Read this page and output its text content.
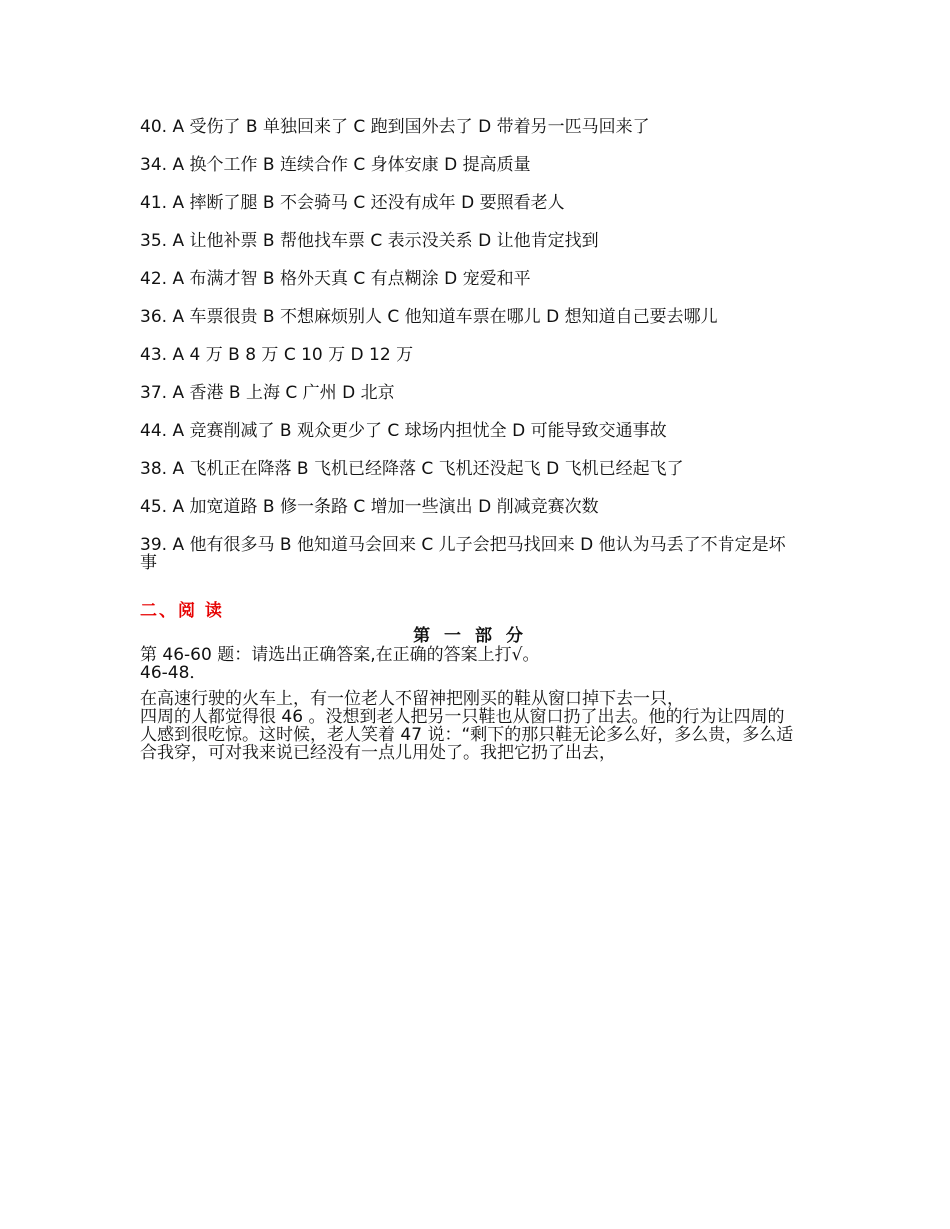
40. A 受伤了 B 单独回来了 C 跑到国外去了 D 带着另一匹马回来了
34. A 换个工作 B 连续合作 C 身体安康 D 提高质量
41. A 摔断了腿 B 不会骑马 C 还没有成年 D 要照看老人
35. A 让他补票 B 帮他找车票 C 表示没关系 D 让他肯定找到
42. A 布满才智 B 格外天真 C 有点糊涂 D 宠爱和平
36. A 车票很贵 B 不想麻烦别人 C 他知道车票在哪儿 D 想知道自己要去哪儿
43. A 4 万 B 8 万 C 10 万 D 12 万
37. A 香港 B 上海 C 广州 D 北京
44. A 竞赛削减了 B 观众更少了 C 球场内担忧全 D 可能导致交通事故
38. A 飞机正在降落 B 飞机已经降落 C 飞机还没起飞 D 飞机已经起飞了
45. A 加宽道路 B 修一条路 C 增加一些演出 D 削减竞赛次数
39. A 他有很多马 B 他知道马会回来 C 儿子会把马找回来 D 他认为马丢了不肯定是坏事
二、阅 读
第 一 部 分
第 46-60 题：请选出正确答案,在正确的答案上打√。46-48．

在高速行驶的火车上，有一位老人不留神把刚买的鞋从窗口掉下去一只，

四周的人都觉得很 46 。没想到老人把另一只鞋也从窗口扔了出去。他的行为让四周的人感到很吃惊。这时候，老人笑着 47 说：“剩下的那只鞋无论多么好，多么贵，多么适合我穿，可对我来说已经没有一点儿用处了。我把它扔了出去，
